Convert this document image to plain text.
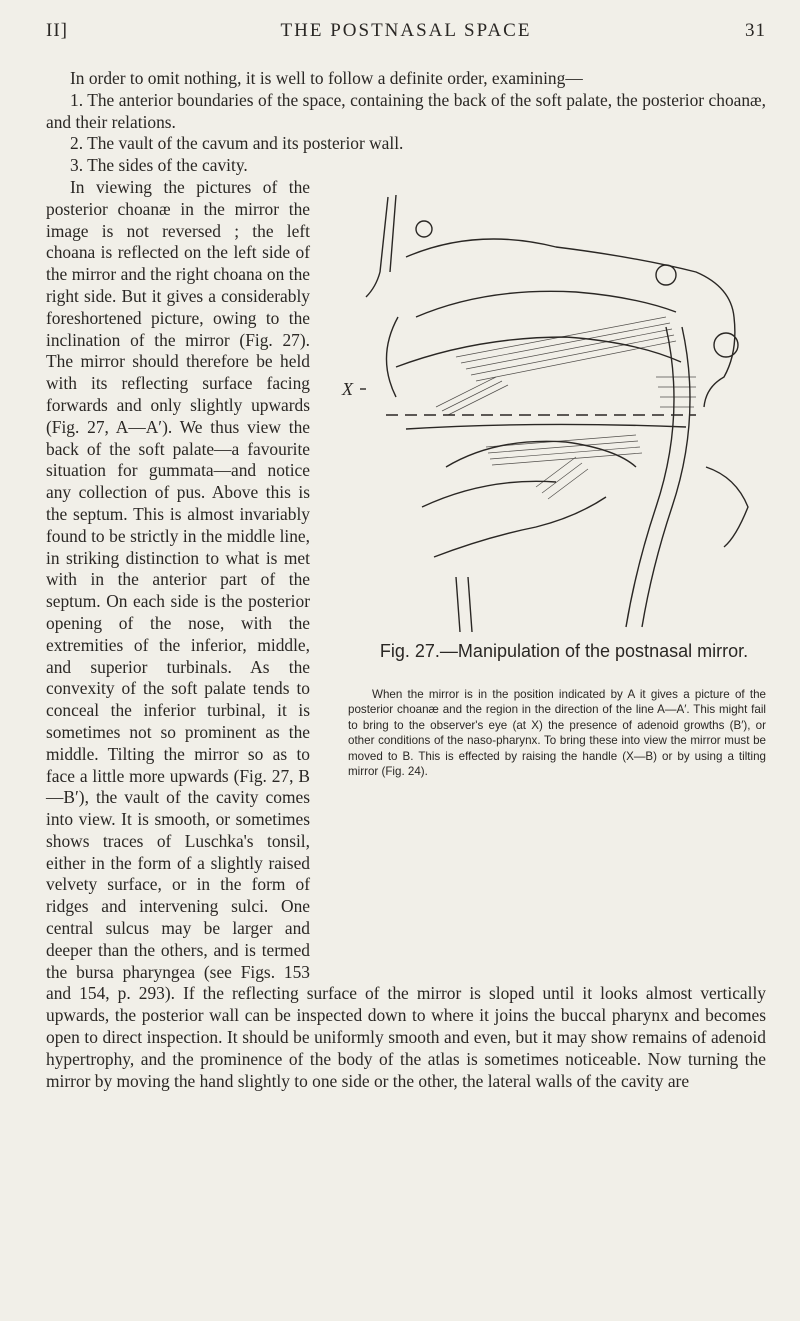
II]	THE POSTNASAL SPACE	31

In order to omit nothing, it is well to follow a definite order, examining—

1. The anterior boundaries of the space, containing the back of the soft palate, the posterior choanæ, and their relations.

2. The vault of the cavum and its posterior wall.

3. The sides of the cavity.

X
Fig. 27.—Manipulation of the postnasal mirror.
When the mirror is in the position indicated by A it gives a picture of the posterior choanæ and the region in the direction of the line A—A′. This might fail to bring to the observer's eye (at X) the presence of adenoid growths (B′), or other conditions of the naso-pharynx. To bring these into view the mirror must be moved to B. This is effected by raising the handle (X—B) or by using a tilting mirror (Fig. 24).
In viewing the pictures of the posterior choanæ in the mirror the image is not reversed ; the left choana is reflected on the left side of the mirror and the right choana on the right side. But it gives a considerably foreshortened picture, owing to the inclination of the mirror (Fig. 27). The mirror should therefore be held with its reflecting surface facing forwards and only slightly upwards (Fig. 27, A—A′). We thus view the back of the soft palate—a favourite situation for gummata—and notice any collection of pus. Above this is the septum. This is almost invariably found to be strictly in the middle line, in striking distinction to what is met with in the anterior part of the septum. On each side is the posterior opening of the nose, with the extremities of the inferior, middle, and superior turbinals. As the convexity of the soft palate tends to conceal the inferior turbinal, it is sometimes not so prominent as the middle. Tilting the mirror so as to face a little more upwards (Fig. 27, B—B′), the vault of the cavity comes into view. It is smooth, or sometimes shows traces of Luschka's tonsil, either in the form of a slightly raised velvety surface, or in the form of ridges and intervening sulci. One central sulcus may be larger and deeper than the others, and is termed the bursa pharyngea (see Figs. 153 and 154, p. 293). If the reflecting surface of the mirror is sloped until it looks almost vertically upwards, the posterior wall can be inspected down to where it joins the buccal pharynx and becomes open to direct inspection. It should be uniformly smooth and even, but it may show remains of adenoid hypertrophy, and the prominence of the body of the atlas is sometimes noticeable. Now turning the mirror by moving the hand slightly to one side or the other, the lateral walls of the cavity are
